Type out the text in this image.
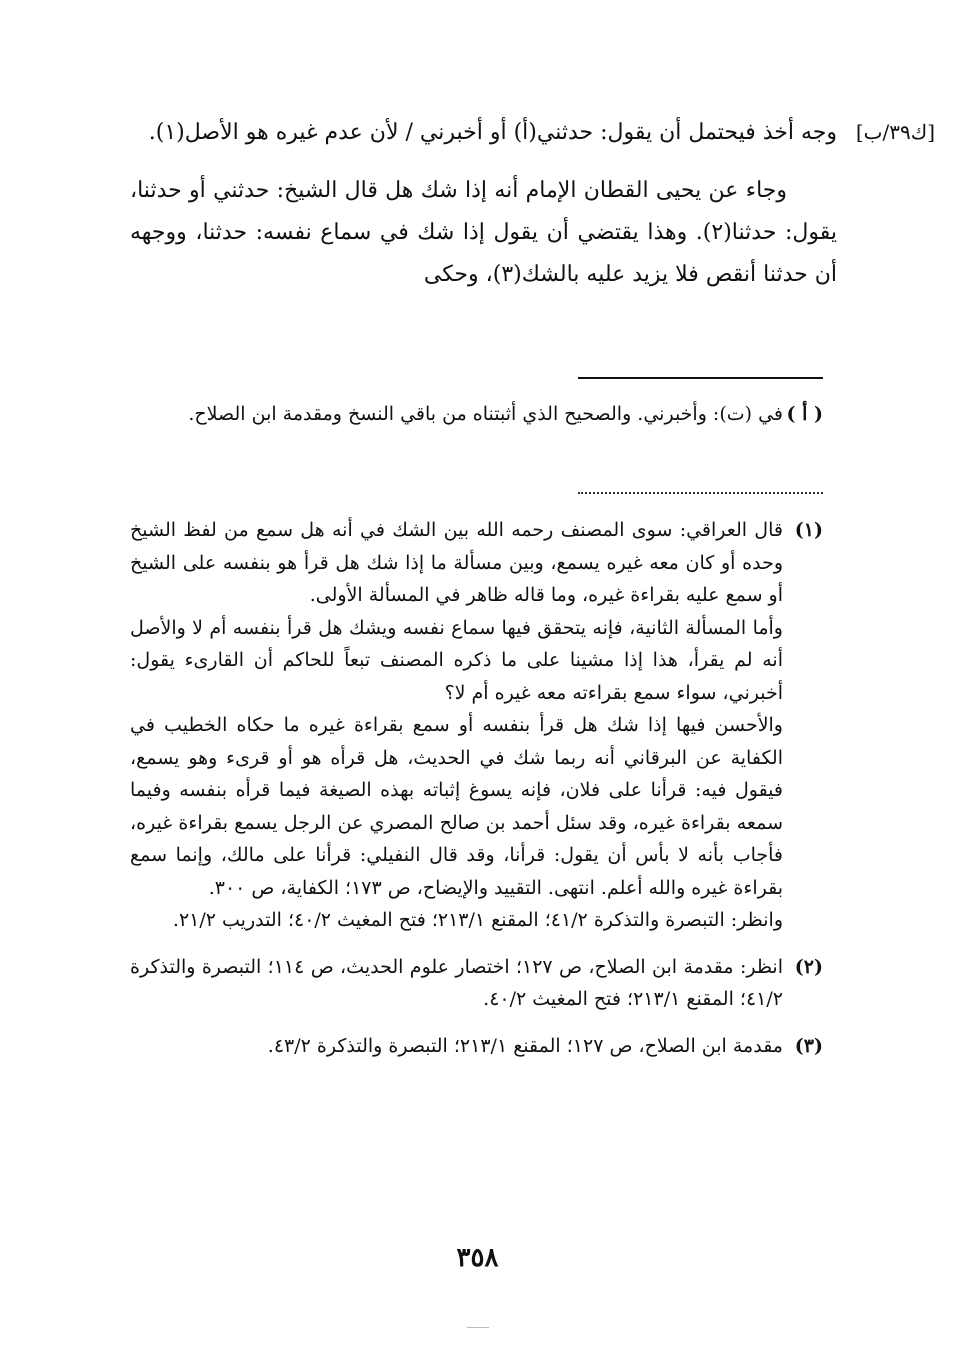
[ك٣٩/ب]

وجه أخذ فيحتمل أن يقول: حدثني(أ) أو أخبرني / لأن عدم غيره هو الأصل(١).

وجاء عن يحيى القطان الإمام أنه إذا شك هل قال الشيخ: حدثني أو حدثنا، يقول: حدثنا(٢). وهذا يقتضي أن يقول إذا شك في سماع نفسه: حدثنا، ووجهه أن حدثنا أنقص فلا يزيد عليه بالشك(٣)، وحكى

( أ )
في (ت): وأخبرني. والصحيح الذي أثبتناه من باقي النسخ ومقدمة ابن الصلاح.
(١)

قال العراقي: سوى المصنف رحمه الله بين الشك في أنه هل سمع من لفظ الشيخ وحده أو كان معه غيره يسمع، وبين مسألة ما إذا شك هل قرأ هو بنفسه على الشيخ أو سمع عليه بقراءة غيره، وما قاله ظاهر في المسألة الأولى.

وأما المسألة الثانية، فإنه يتحقق فيها سماع نفسه ويشك هل قرأ بنفسه أم لا والأصل أنه لم يقرأ، هذا إذا مشينا على ما ذكره المصنف تبعاً للحاكم أن القارىء يقول: أخبرني، سواء سمع بقراءته معه غيره أم لا؟

والأحسن فيها إذا شك هل قرأ بنفسه أو سمع بقراءة غيره ما حكاه الخطيب في الكفاية عن البرقاني أنه ربما شك في الحديث، هل قرأه هو أو قرىء وهو يسمع، فيقول فيه: قرأنا على فلان، فإنه يسوغ إثباته بهذه الصيغة فيما قرأه بنفسه وفيما سمعه بقراءة غيره، وقد سئل أحمد بن صالح المصري عن الرجل يسمع بقراءة غيره، فأجاب بأنه لا بأس أن يقول: قرأنا، وقد قال النفيلي: قرأنا على مالك، وإنما سمع بقراءة غيره والله أعلم. انتهى. التقييد والإيضاح، ص ١٧٣؛ الكفاية، ص ٣٠٠.

وانظر: التبصرة والتذكرة ٤١/٢؛ المقنع ٢١٣/١؛ فتح المغيث ٤٠/٢؛ التدريب ٢١/٢.

(٢)

انظر: مقدمة ابن الصلاح، ص ١٢٧؛ اختصار علوم الحديث، ص ١١٤؛ التبصرة والتذكرة ٤١/٢؛ المقنع ٢١٣/١؛ فتح المغيث ٤٠/٢.

(٣)

مقدمة ابن الصلاح، ص ١٢٧؛ المقنع ٢١٣/١؛ التبصرة والتذكرة ٤٣/٢.

٣٥٨
